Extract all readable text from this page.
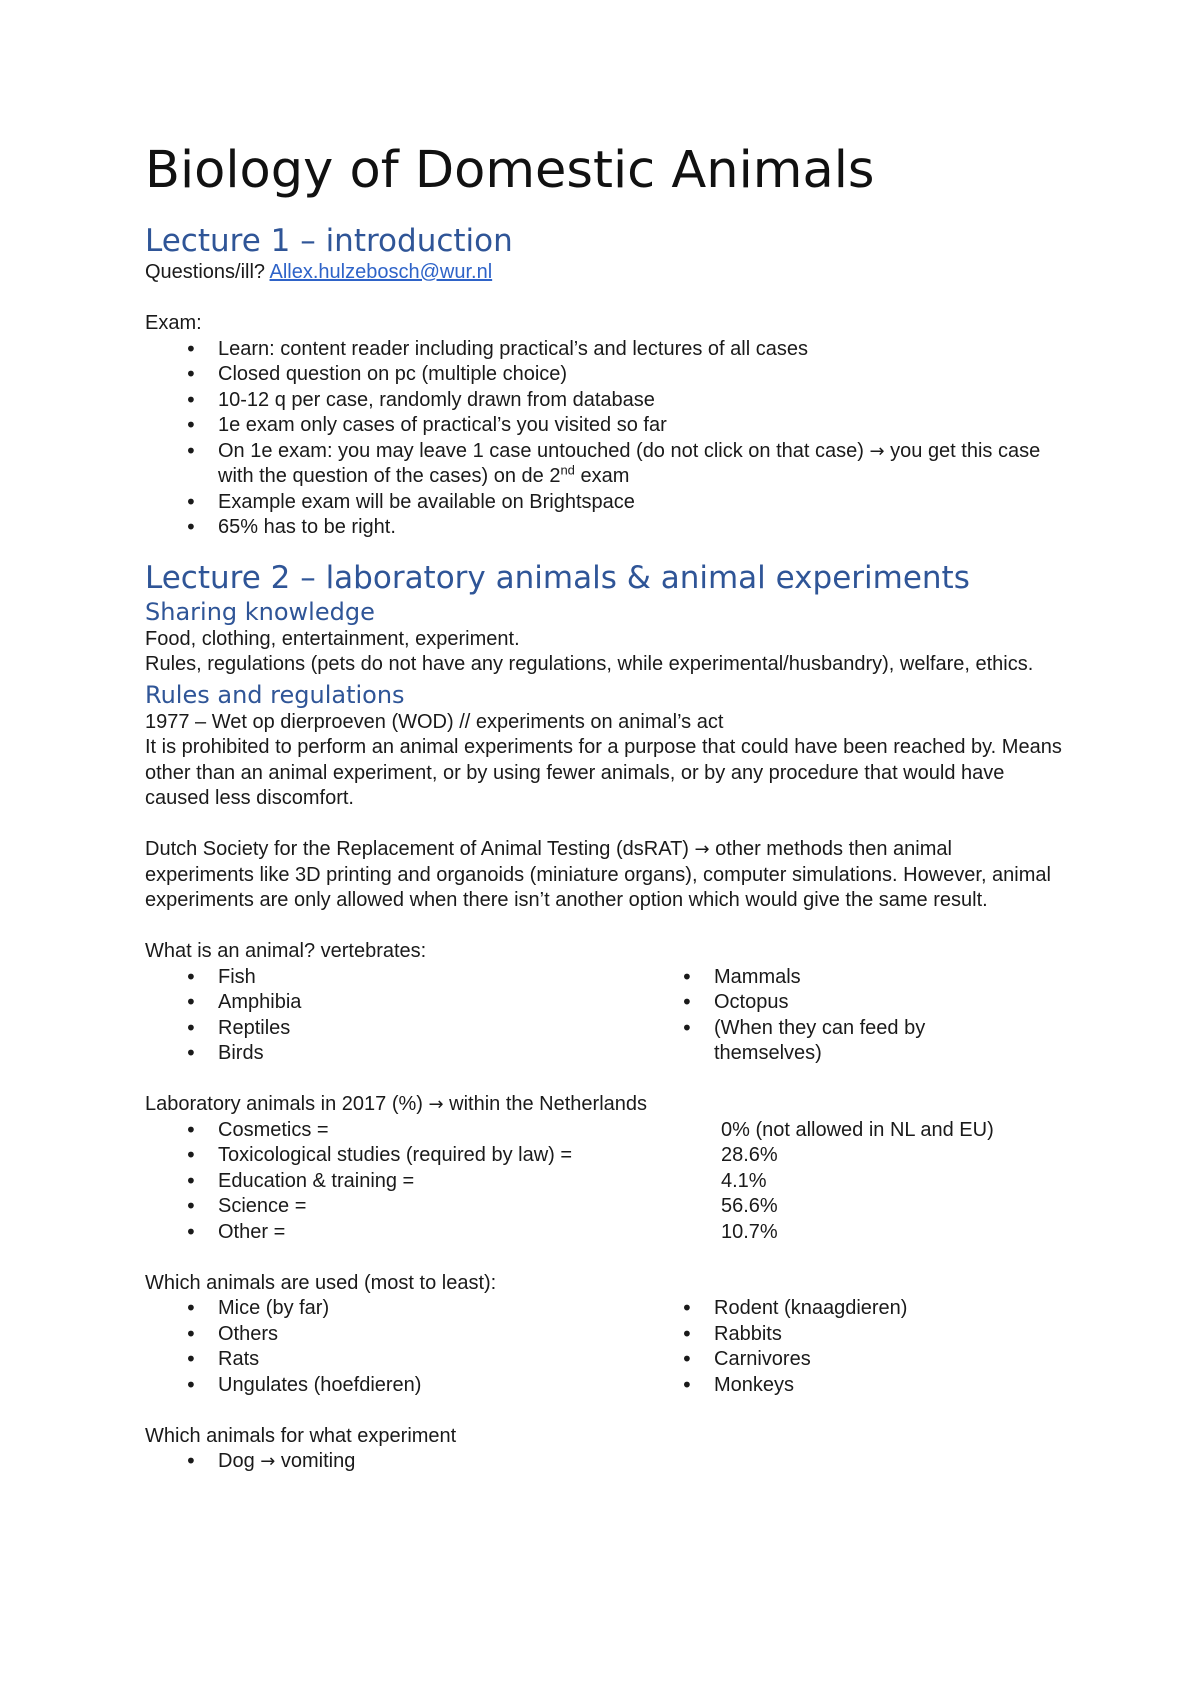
Biology of Domestic Animals
Lecture 1 – introduction

Questions/ill? Allex.hulzebosch@wur.nl

Exam:

• Learn: content reader including practical’s and lectures of all cases
• Closed question on pc (multiple choice)
• 10-12 q per case, randomly drawn from database
• 1e exam only cases of practical’s you visited so far
• On 1e exam: you may leave 1 case untouched (do not click on that case) → you get this case with the question of the cases) on de 2nd exam
• Example exam will be available on Brightspace
• 65% has to be right.
Lecture 2 – laboratory animals & animal experiments
Sharing knowledge

Food, clothing, entertainment, experiment.

Rules, regulations (pets do not have any regulations, while experimental/husbandry), welfare, ethics.

Rules and regulations

1977 – Wet op dierproeven (WOD) // experiments on animal’s act

It is prohibited to perform an animal experiments for a purpose that could have been reached by. Means other than an animal experiment, or by using fewer animals, or by any procedure that would have caused less discomfort.

Dutch Society for the Replacement of Animal Testing (dsRAT) → other methods then animal experiments like 3D printing and organoids (miniature organs), computer simulations. However, animal experiments are only allowed when there isn’t another option which would give the same result.

What is an animal? vertebrates:

• Fish
• Amphibia
• Reptiles
• Birds
• Mammals
• Octopus
• (When they can feed by themselves)

Laboratory animals in 2017 (%) → within the Netherlands

• Cosmetics =	0% (not allowed in NL and EU)
• Toxicological studies (required by law) =	28.6%
• Education & training =	4.1%
• Science =	56.6%
• Other =	10.7%

Which animals are used (most to least):

• Mice (by far)
• Others
• Rats
• Ungulates (hoefdieren)
• Rodent (knaagdieren)
• Rabbits
• Carnivores
• Monkeys

Which animals for what experiment

• Dog → vomiting
